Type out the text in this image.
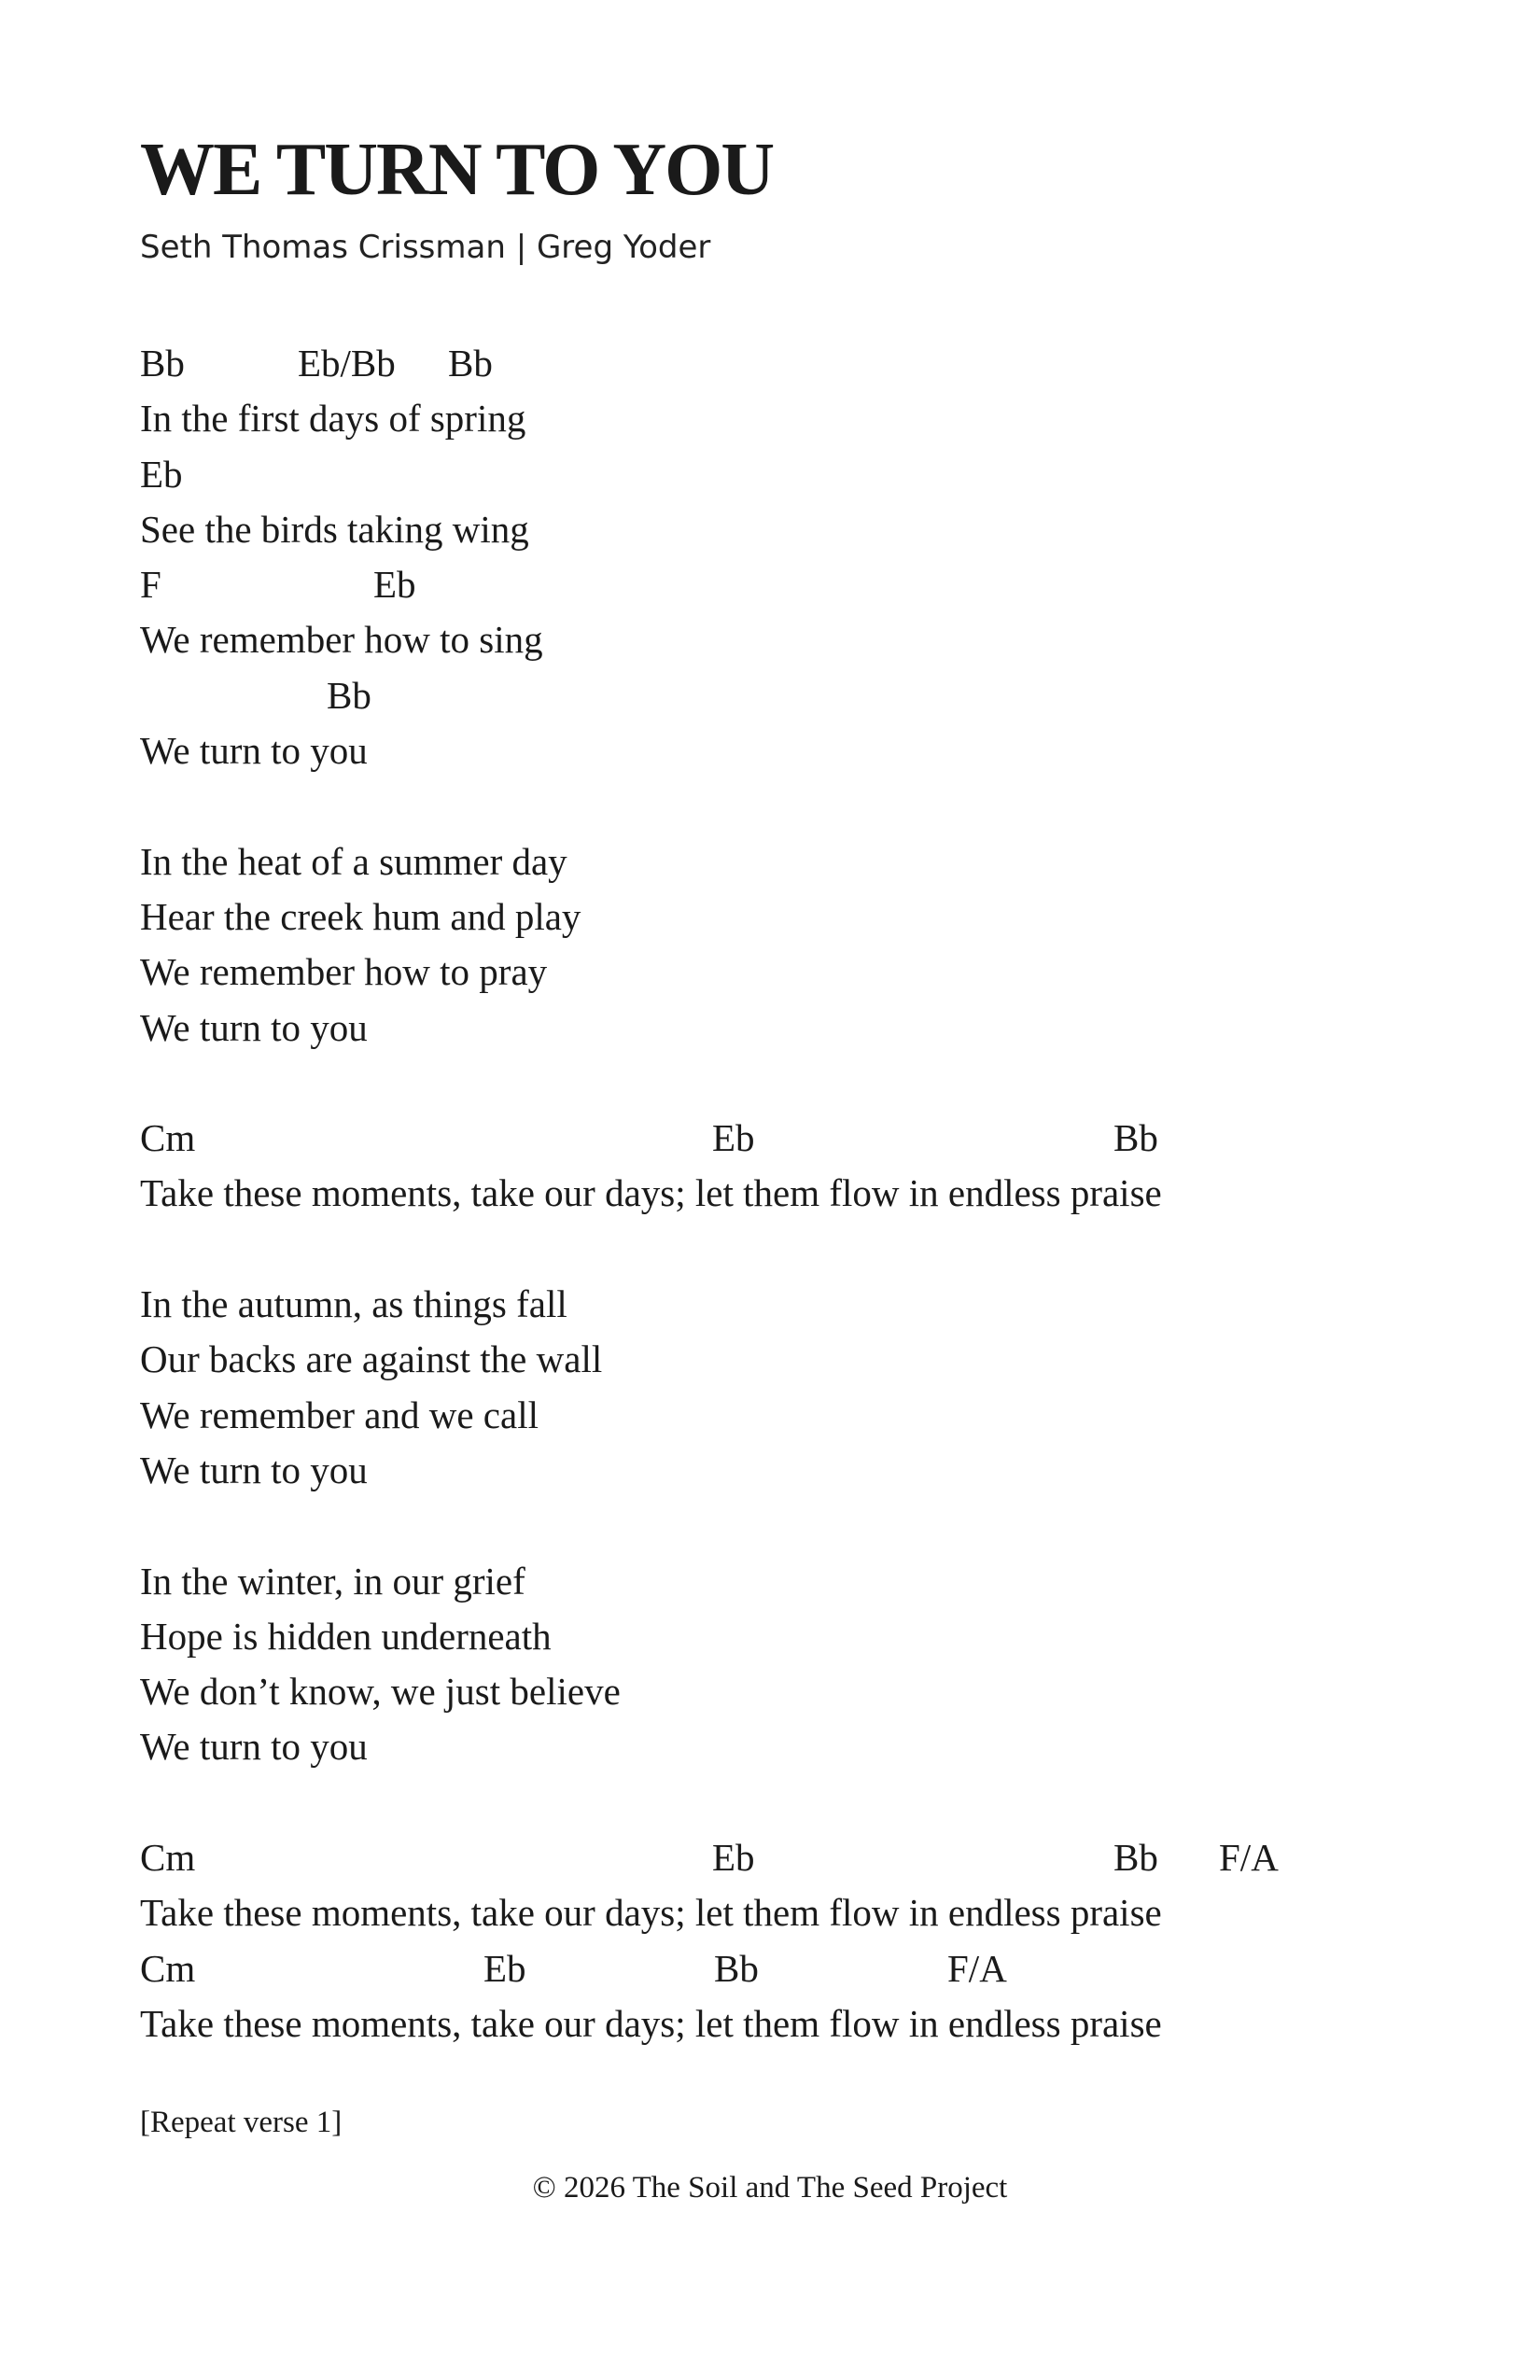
WE TURN TO YOU
Seth Thomas Crissman | Greg Yoder
Bb	Eb/Bb Bb
In the first days of spring
Eb
See the birds taking wing
F	Eb
We remember how to sing
Bb
We turn to you
In the heat of a summer day
Hear the creek hum and play
We remember how to pray
We turn to you
Cm	Eb	Bb
Take these moments, take our days; let them flow in endless praise
In the autumn, as things fall
Our backs are against the wall
We remember and we call
We turn to you
In the winter, in our grief
Hope is hidden underneath
We don’t know, we just believe
We turn to you
Cm	Eb	Bb F/A
Take these moments, take our days; let them flow in endless praise
Cm	Eb	Bb	F/A
Take these moments, take our days; let them flow in endless praise
[Repeat verse 1]
© 2026 The Soil and The Seed Project
